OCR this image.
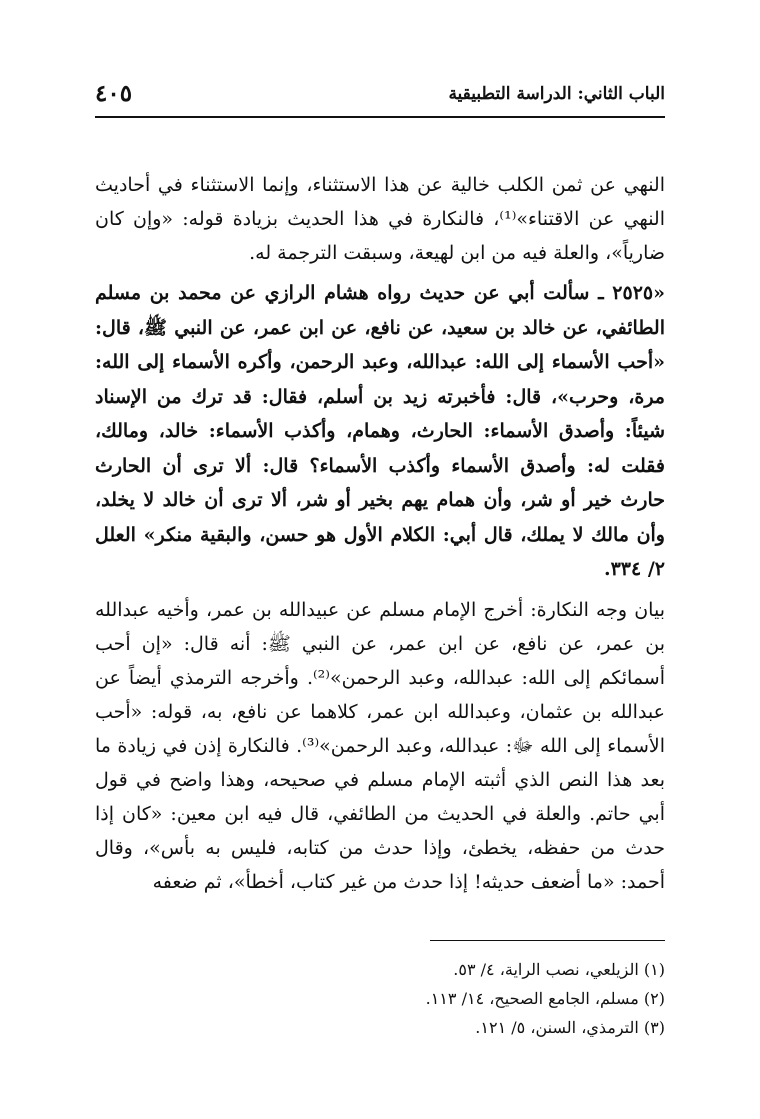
الباب الثاني: الدراسة التطبيقية
٤٠٥

النهي عن ثمن الكلب خالية عن هذا الاستثناء، وإنما الاستثناء في أحاديث النهي عن الاقتناء»⁽¹⁾، فالنكارة في هذا الحديث بزيادة قوله: «وإن كان ضارياً»، والعلة فيه من ابن لهيعة، وسبقت الترجمة له.

«٢٥٢٥ ـ سألت أبي عن حديث رواه هشام الرازي عن محمد بن مسلم الطائفي، عن خالد بن سعيد، عن نافع، عن ابن عمر، عن النبي ﷺ، قال: «أحب الأسماء إلى الله: عبدالله، وعبد الرحمن، وأكره الأسماء إلى الله: مرة، وحرب»، قال: فأخبرته زيد بن أسلم، فقال: قد ترك من الإسناد شيئاً: وأصدق الأسماء: الحارث، وهمام، وأكذب الأسماء: خالد، ومالك، فقلت له: وأصدق الأسماء وأكذب الأسماء؟ قال: ألا ترى أن الحارث حارث خير أو شر، وأن همام يهم بخير أو شر، ألا ترى أن خالد لا يخلد، وأن مالك لا يملك، قال أبي: الكلام الأول هو حسن، والبقية منكر» العلل ٢/ ٣٣٤.

بيان وجه النكارة: أخرج الإمام مسلم عن عبيدالله بن عمر، وأخيه عبدالله بن عمر، عن نافع، عن ابن عمر، عن النبي ﷺ: أنه قال: «إن أحب أسمائكم إلى الله: عبدالله، وعبد الرحمن»⁽²⁾. وأخرجه الترمذي أيضاً عن عبدالله بن عثمان، وعبدالله ابن عمر، كلاهما عن نافع، به، قوله: «أحب الأسماء إلى الله ﷻ: عبدالله، وعبد الرحمن»⁽³⁾. فالنكارة إذن في زيادة ما بعد هذا النص الذي أثبته الإمام مسلم في صحيحه، وهذا واضح في قول أبي حاتم. والعلة في الحديث من الطائفي، قال فيه ابن معين: «كان إذا حدث من حفظه، يخطئ، وإذا حدث من كتابه، فليس به بأس»، وقال أحمد: «ما أضعف حديثه! إذا حدث من غير كتاب، أخطأ»، ثم ضعفه

(١) الزيلعي، نصب الراية، ٤/ ٥٣.
(٢) مسلم، الجامع الصحيح، ١٤/ ١١٣.
(٣) الترمذي، السنن، ٥/ ١٢١.
